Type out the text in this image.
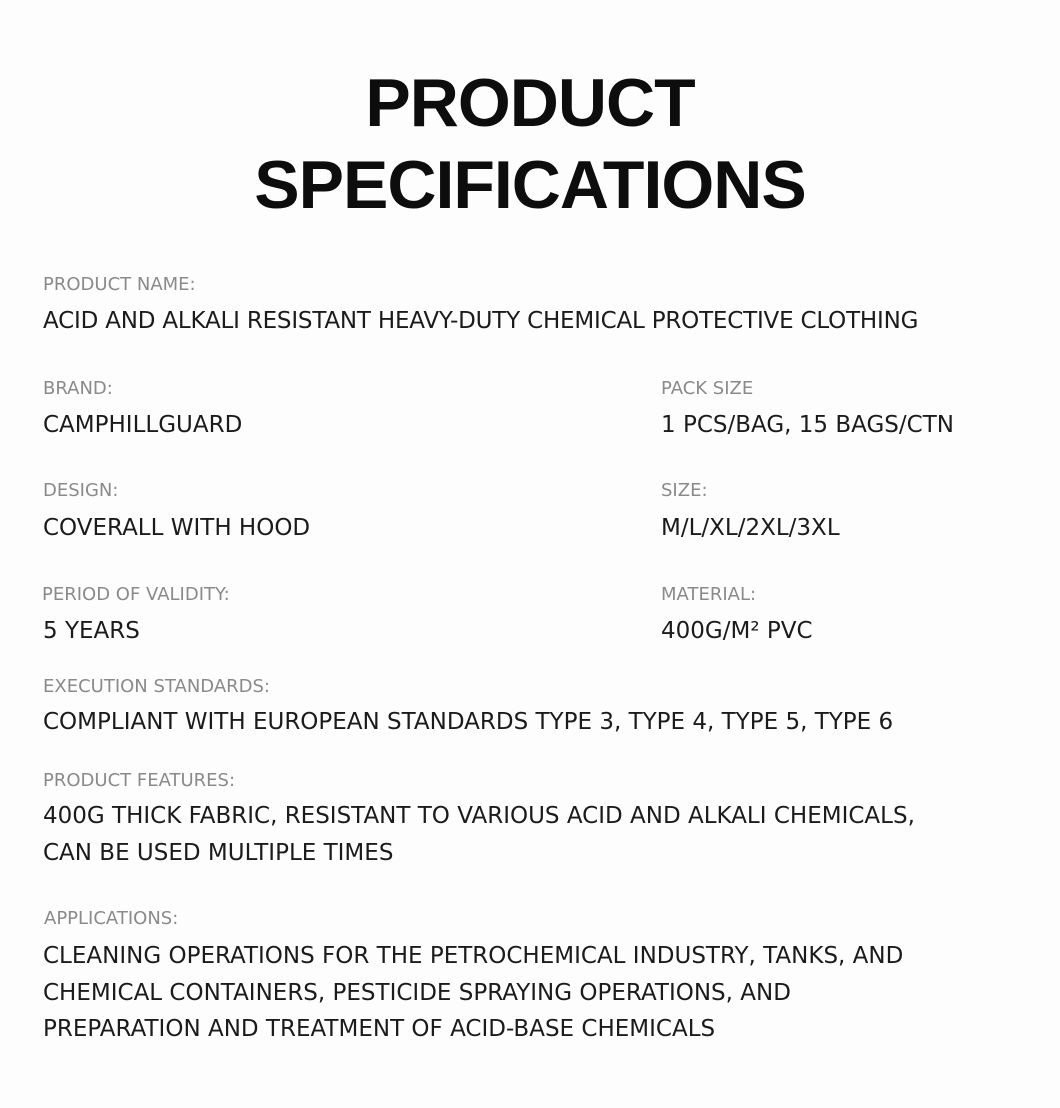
PRODUCT
SPECIFICATIONS
PRODUCT NAME:
ACID AND ALKALI RESISTANT HEAVY-DUTY CHEMICAL PROTECTIVE CLOTHING
BRAND:
CAMPHILLGUARD
PACK SIZE
1 PCS/BAG, 15 BAGS/CTN
DESIGN:
COVERALL WITH HOOD
SIZE:
M/L/XL/2XL/3XL
PERIOD OF VALIDITY:
5 YEARS
MATERIAL:
400G/M² PVC
EXECUTION STANDARDS:
COMPLIANT WITH EUROPEAN STANDARDS TYPE 3, TYPE 4, TYPE 5, TYPE 6
PRODUCT FEATURES:
400G THICK FABRIC, RESISTANT TO VARIOUS ACID AND ALKALI CHEMICALS,
CAN BE USED MULTIPLE TIMES
APPLICATIONS:
CLEANING OPERATIONS FOR THE PETROCHEMICAL INDUSTRY, TANKS, AND
CHEMICAL CONTAINERS, PESTICIDE SPRAYING OPERATIONS, AND
PREPARATION AND TREATMENT OF ACID-BASE CHEMICALS
